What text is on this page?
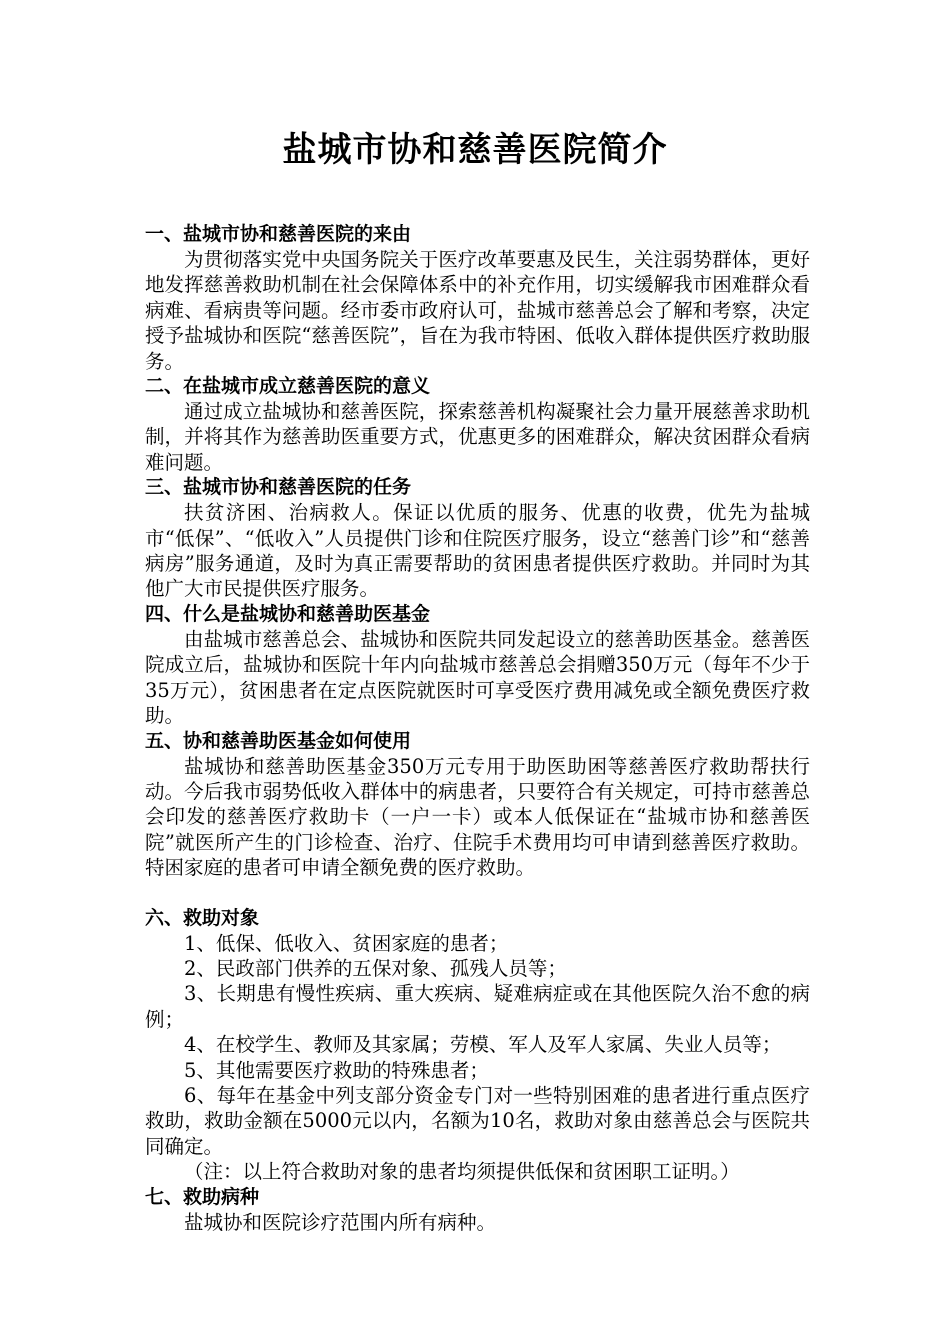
盐城市协和慈善医院简介
一、盐城市协和慈善医院的来由
为贯彻落实党中央国务院关于医疗改革要惠及民生，关注弱势群体，更好地发挥慈善救助机制在社会保障体系中的补充作用，切实缓解我市困难群众看病难、看病贵等问题。经市委市政府认可，盐城市慈善总会了解和考察，决定授予盐城协和医院“慈善医院”，旨在为我市特困、低收入群体提供医疗救助服务。
二、在盐城市成立慈善医院的意义
通过成立盐城协和慈善医院，探索慈善机构凝聚社会力量开展慈善求助机制，并将其作为慈善助医重要方式，优惠更多的困难群众，解决贫困群众看病难问题。
三、盐城市协和慈善医院的任务
扶贫济困、治病救人。保证以优质的服务、优惠的收费，优先为盐城市“低保”、“低收入”人员提供门诊和住院医疗服务，设立“慈善门诊”和“慈善病房”服务通道，及时为真正需要帮助的贫困患者提供医疗救助。并同时为其他广大市民提供医疗服务。
四、什么是盐城协和慈善助医基金
由盐城市慈善总会、盐城协和医院共同发起设立的慈善助医基金。慈善医院成立后，盐城协和医院十年内向盐城市慈善总会捐赠350万元（每年不少于35万元），贫困患者在定点医院就医时可享受医疗费用减免或全额免费医疗救助。
五、协和慈善助医基金如何使用
盐城协和慈善助医基金350万元专用于助医助困等慈善医疗救助帮扶行动。今后我市弱势低收入群体中的病患者，只要符合有关规定，可持市慈善总会印发的慈善医疗救助卡（一户一卡）或本人低保证在“盐城市协和慈善医院”就医所产生的门诊检查、治疗、住院手术费用均可申请到慈善医疗救助。特困家庭的患者可申请全额免费的医疗救助。
六、救助对象
1、低保、低收入、贫困家庭的患者；
2、民政部门供养的五保对象、孤残人员等；
3、长期患有慢性疾病、重大疾病、疑难病症或在其他医院久治不愈的病例；
4、在校学生、教师及其家属；劳模、军人及军人家属、失业人员等；
5、其他需要医疗救助的特殊患者；
6、每年在基金中列支部分资金专门对一些特别困难的患者进行重点医疗救助，救助金额在5000元以内，名额为10名，救助对象由慈善总会与医院共同确定。
（注：以上符合救助对象的患者均须提供低保和贫困职工证明。）
七、救助病种
盐城协和医院诊疗范围内所有病种。
